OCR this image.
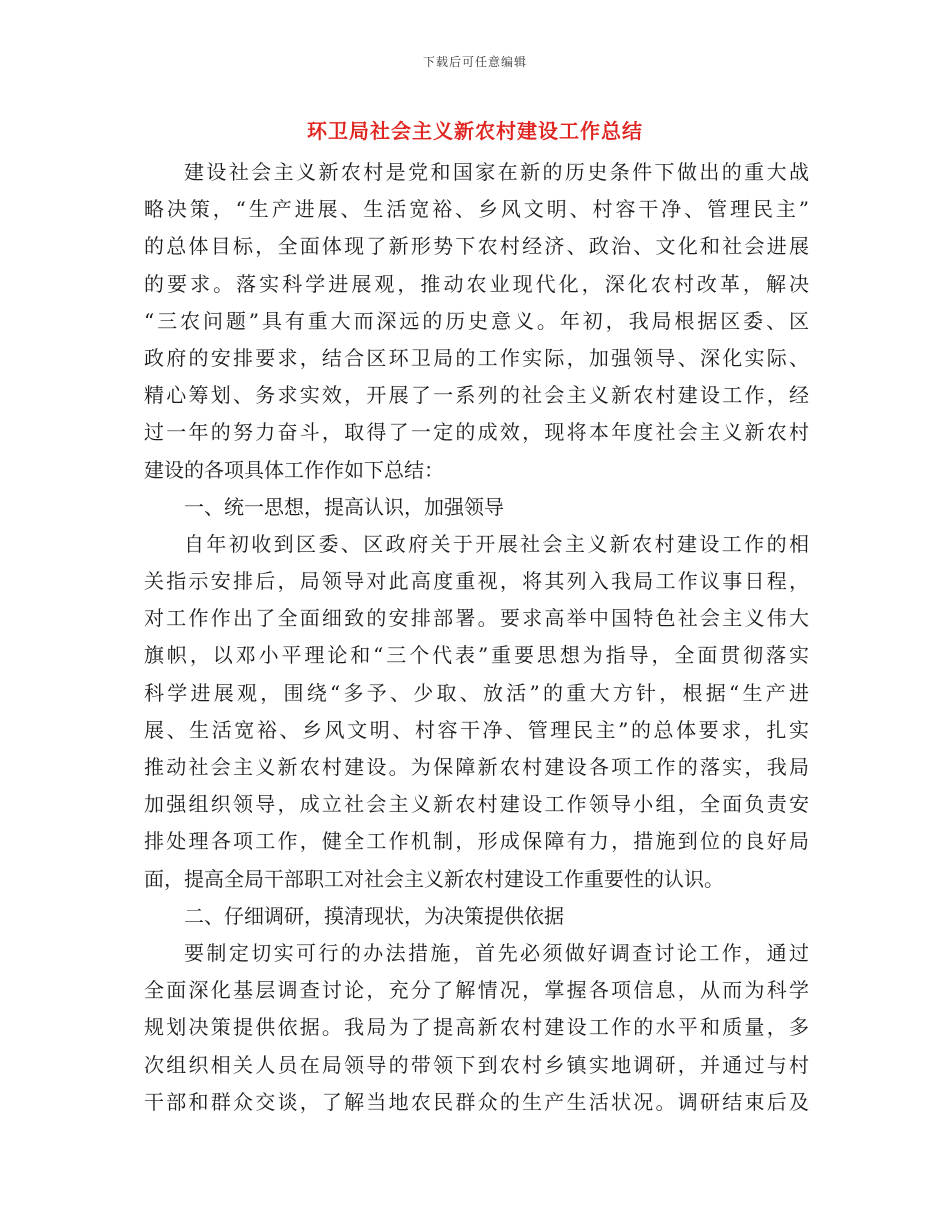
下载后可任意编辑
环卫局社会主义新农村建设工作总结
建设社会主义新农村是党和国家在新的历史条件下做出的重大战
略决策，“生产进展、生活宽裕、乡风文明、村容干净、管理民主”
的总体目标，全面体现了新形势下农村经济、政治、文化和社会进展
的要求。落实科学进展观，推动农业现代化，深化农村改革，解决
“三农问题”具有重大而深远的历史意义。年初，我局根据区委、区
政府的安排要求，结合区环卫局的工作实际，加强领导、深化实际、
精心筹划、务求实效，开展了一系列的社会主义新农村建设工作，经
过一年的努力奋斗，取得了一定的成效，现将本年度社会主义新农村
建设的各项具体工作作如下总结：
一、统一思想，提高认识，加强领导
自年初收到区委、区政府关于开展社会主义新农村建设工作的相
关指示安排后，局领导对此高度重视，将其列入我局工作议事日程，
对工作作出了全面细致的安排部署。要求高举中国特色社会主义伟大
旗帜，以邓小平理论和“三个代表”重要思想为指导，全面贯彻落实
科学进展观，围绕“多予、少取、放活”的重大方针，根据“生产进
展、生活宽裕、乡风文明、村容干净、管理民主”的总体要求，扎实
推动社会主义新农村建设。为保障新农村建设各项工作的落实，我局
加强组织领导，成立社会主义新农村建设工作领导小组，全面负责安
排处理各项工作，健全工作机制，形成保障有力，措施到位的良好局
面，提高全局干部职工对社会主义新农村建设工作重要性的认识。
二、仔细调研，摸清现状，为决策提供依据
要制定切实可行的办法措施，首先必须做好调查讨论工作，通过
全面深化基层调查讨论，充分了解情况，掌握各项信息，从而为科学
规划决策提供依据。我局为了提高新农村建设工作的水平和质量，多
次组织相关人员在局领导的带领下到农村乡镇实地调研，并通过与村
干部和群众交谈，了解当地农民群众的生产生活状况。调研结束后及
